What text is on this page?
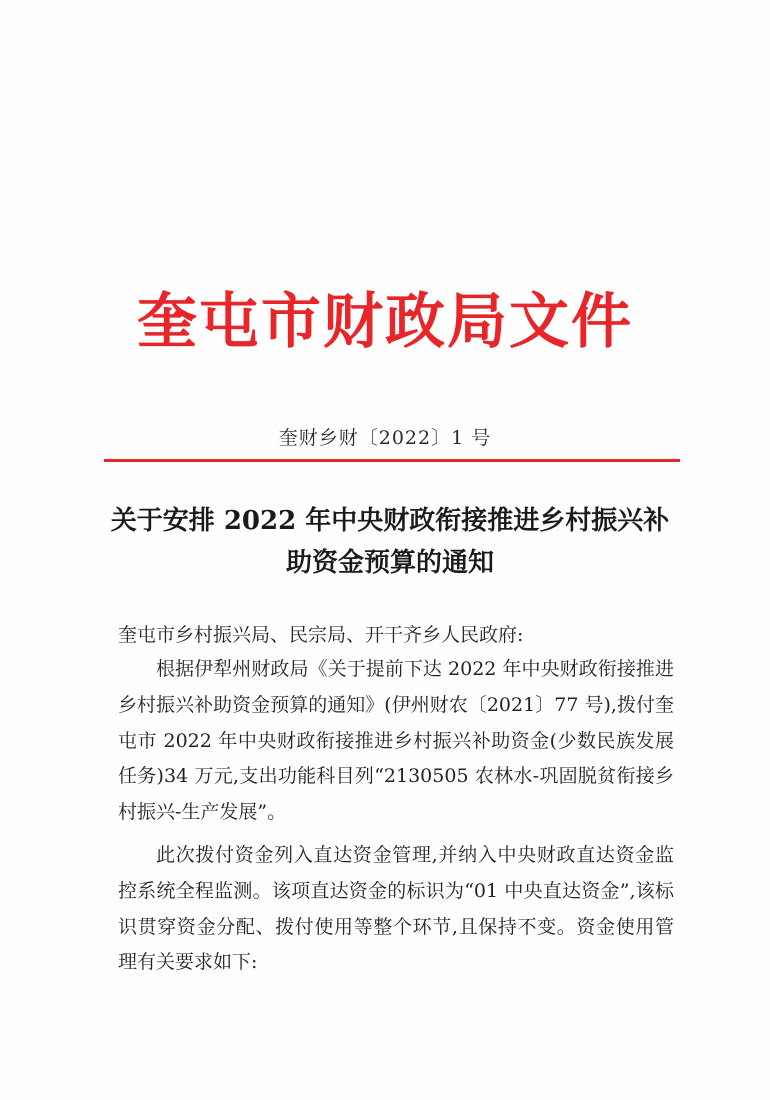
奎屯市财政局文件
奎财乡财〔2022〕1 号
关于安排 2022 年中央财政衔接推进乡村振兴补助资金预算的通知
奎屯市乡村振兴局、民宗局、开干齐乡人民政府:
根据伊犁州财政局《关于提前下达 2022 年中央财政衔接推进乡村振兴补助资金预算的通知》(伊州财农〔2021〕77 号),拨付奎屯市 2022 年中央财政衔接推进乡村振兴补助资金(少数民族发展任务)34 万元,支出功能科目列“2130505 农林水-巩固脱贫衔接乡村振兴-生产发展”。
此次拨付资金列入直达资金管理,并纳入中央财政直达资金监控系统全程监测。该项直达资金的标识为“01 中央直达资金”,该标识贯穿资金分配、拨付使用等整个环节,且保持不变。资金使用管理有关要求如下:
